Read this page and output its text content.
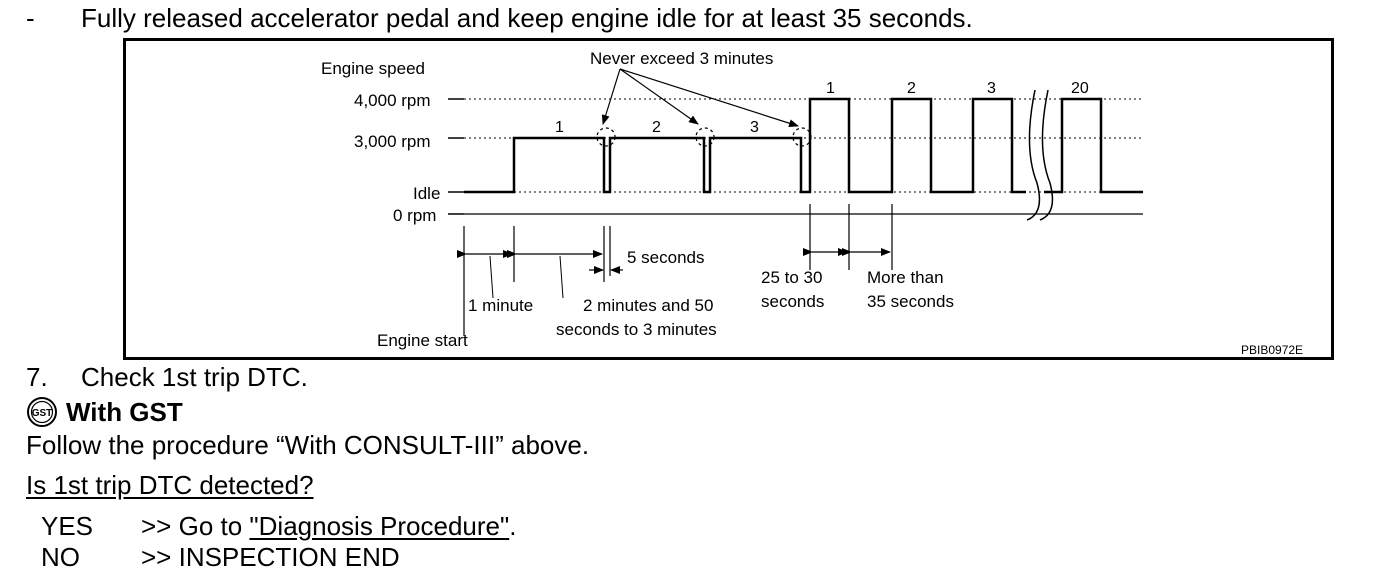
- Fully released accelerator pedal and keep engine idle for at least 35 seconds.
Engine speed
4,000 rpm
3,000 rpm
Idle
0 rpm
1	2	3
1	2	3	20
Never exceed 3 minutes
1 minute	2 minutes and 50
seconds to 3 minutes
5 seconds
25 to 30
seconds
More than
35 seconds
Engine start	PBIB0972E
7. Check 1st trip DTC.
GST With GST
Follow the procedure “With CONSULT-III” above.
Is 1st trip DTC detected?
YES >> Go to "Diagnosis Procedure".
NO >> INSPECTION END
